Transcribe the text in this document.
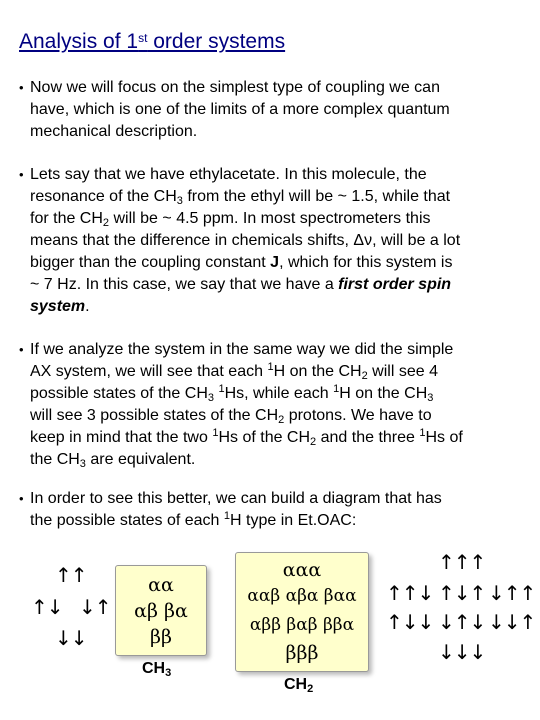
Analysis of 1st order systems
• Now we will focus on the simplest type of coupling we can
have, which is one of the limits of a more complex quantum
mechanical description.
• Lets say that we have ethylacetate. In this molecule, the
resonance of the $CH_3$ from the ethyl will be ~ 1.5, while that
for the $CH_2$ will be ~ 4.5 ppm. In most spectrometers this
means that the difference in chemicals shifts, Δν, will be a lot
bigger than the coupling constant J, which for this system is
~ 7 Hz. In this case, we say that we have a first order spin
system.
• If we analyze the system in the same way we did the simple
AX system, we will see that each $^1$H on the $CH_2$ will see 4
possible states of the $CH_3$ $^1$Hs, while each $^1$H on the $CH_3$
will see 3 possible states of the $CH_2$ protons. We have to
keep in mind that the two $^1$Hs of the $CH_2$ and the three $^1$Hs of
the $CH_3$ are equivalent.
• In order to see this better, we can build a diagram that has
the possible states of each $^1$H type in Et.OAC:
↑↑
↑↓ ↓↑
↓↓
αα
αβ βα
ββ
$CH_3$
ααα
ααβ αβα βαα
αββ βαβ ββα
βββ
$CH_2$
↑↑↑
↑↑↓ ↑↓↑ ↓↑↑
↑↓↓ ↓↑↓ ↓↓↑
↓↓↓
